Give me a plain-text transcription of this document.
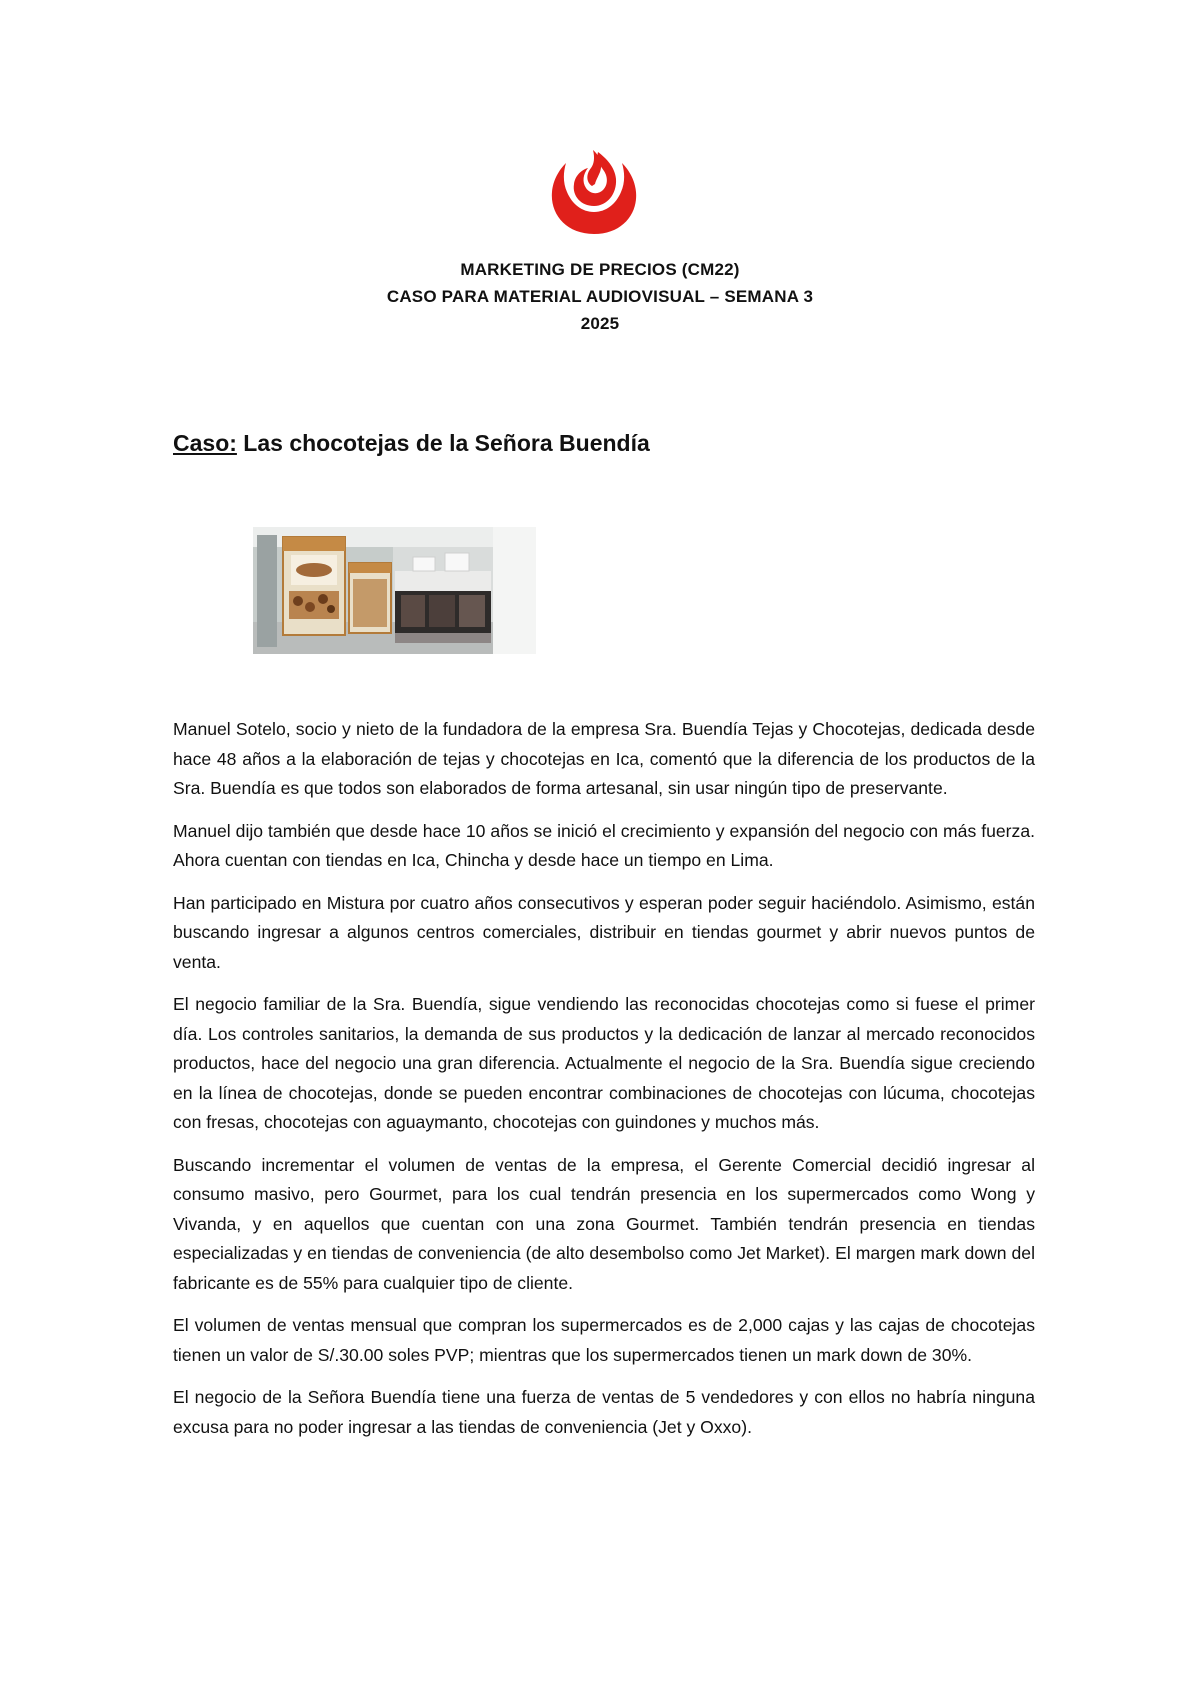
MARKETING DE PRECIOS (CM22)
CASO PARA MATERIAL AUDIOVISUAL – SEMANA 3
2025
Caso: Las chocotejas de la Señora Buendía

Manuel Sotelo, socio y nieto de la fundadora de la empresa Sra. Buendía Tejas y Chocotejas, dedicada desde hace 48 años a la elaboración de tejas y chocotejas en Ica, comentó que la diferencia de los productos de la Sra. Buendía es que todos son elaborados de forma artesanal, sin usar ningún tipo de preservante.

Manuel dijo también que desde hace 10 años se inició el crecimiento y expansión del negocio con más fuerza. Ahora cuentan con tiendas en Ica, Chincha y desde hace un tiempo en Lima.

Han participado en Mistura por cuatro años consecutivos y esperan poder seguir haciéndolo. Asimismo, están buscando ingresar a algunos centros comerciales, distribuir en tiendas gourmet y abrir nuevos puntos de venta.

El negocio familiar de la Sra. Buendía, sigue vendiendo las reconocidas chocotejas como si fuese el primer día. Los controles sanitarios, la demanda de sus productos y la dedicación de lanzar al mercado reconocidos productos, hace del negocio una gran diferencia. Actualmente el negocio de la Sra. Buendía sigue creciendo en la línea de chocotejas, donde se pueden encontrar combinaciones de chocotejas con lúcuma, chocotejas con fresas, chocotejas con aguaymanto, chocotejas con guindones y muchos más.

Buscando incrementar el volumen de ventas de la empresa, el Gerente Comercial decidió ingresar al consumo masivo, pero Gourmet, para los cual tendrán presencia en los supermercados como Wong y Vivanda, y en aquellos que cuentan con una zona Gourmet. También tendrán presencia en tiendas especializadas y en tiendas de conveniencia (de alto desembolso como Jet Market). El margen mark down del fabricante es de 55% para cualquier tipo de cliente.

El volumen de ventas mensual que compran los supermercados es de 2,000 cajas y las cajas de chocotejas tienen un valor de S/.30.00 soles PVP; mientras que los supermercados tienen un mark down de 30%.

El negocio de la Señora Buendía tiene una fuerza de ventas de 5 vendedores y con ellos no habría ninguna excusa para no poder ingresar a las tiendas de conveniencia (Jet y Oxxo).
